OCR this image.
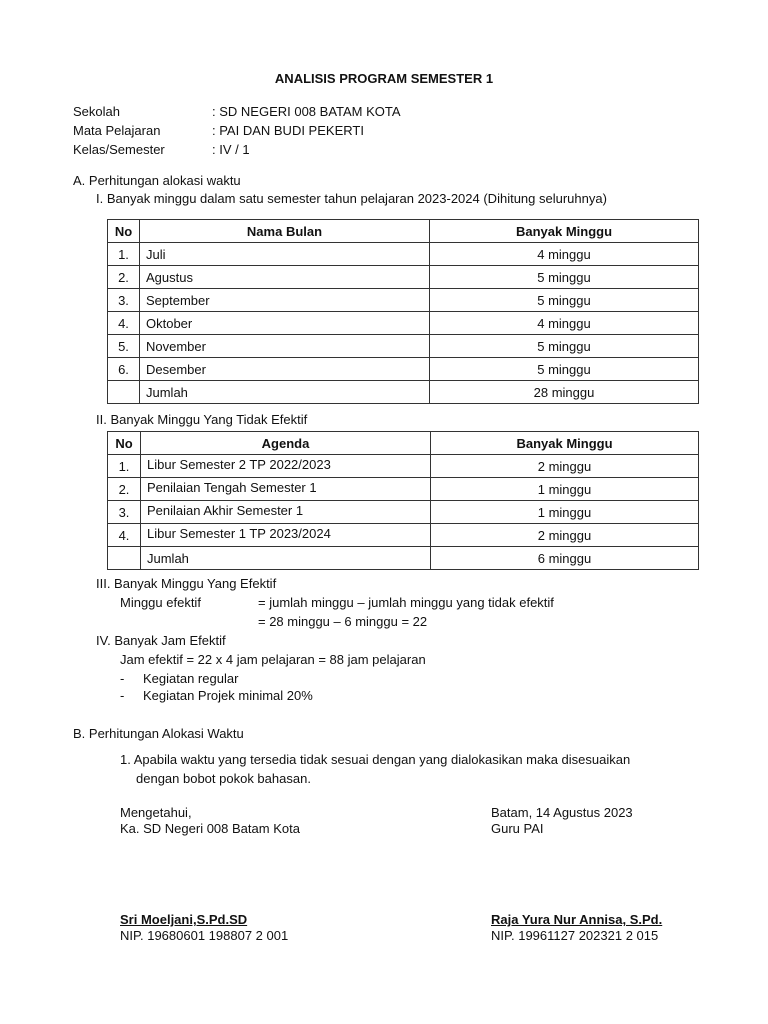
ANALISIS PROGRAM SEMESTER 1
Sekolah	: SD NEGERI 008 BATAM KOTA
Mata Pelajaran	: PAI DAN BUDI PEKERTI
Kelas/Semester	: IV / 1
A. Perhitungan alokasi waktu
I. Banyak minggu dalam satu semester tahun pelajaran 2023-2024 (Dihitung seluruhnya)
No	Nama Bulan	Banyak Minggu
1.	Juli	4 minggu
2.	Agustus	5 minggu
3.	September	5 minggu
4.	Oktober	4 minggu
5.	November	5 minggu
6.	Desember	5 minggu
	Jumlah	28 minggu
II. Banyak Minggu Yang Tidak Efektif
No	Agenda	Banyak Minggu
1.	Libur Semester 2 TP 2022/2023	2 minggu
2.	Penilaian Tengah Semester 1	1 minggu
3.	Penilaian Akhir Semester 1	1 minggu
4.	Libur Semester 1 TP 2023/2024	2 minggu
	Jumlah	6 minggu
III. Banyak Minggu Yang Efektif
Minggu efektif	= jumlah minggu – jumlah minggu yang tidak efektif
= 28 minggu – 6 minggu = 22
IV. Banyak Jam Efektif
Jam efektif = 22 x 4 jam pelajaran = 88 jam pelajaran
- Kegiatan regular
- Kegiatan Projek minimal 20%
B. Perhitungan Alokasi Waktu
1. Apabila waktu yang tersedia tidak sesuai dengan yang dialokasikan maka disesuaikan
dengan bobot pokok bahasan.
Mengetahui,
Ka. SD Negeri 008 Batam Kota
Sri Moeljani,S.Pd.SD
NIP. 19680601 198807 2 001
Batam, 14 Agustus 2023
Guru PAI
Raja Yura Nur Annisa, S.Pd.
NIP. 19961127 202321 2 015
